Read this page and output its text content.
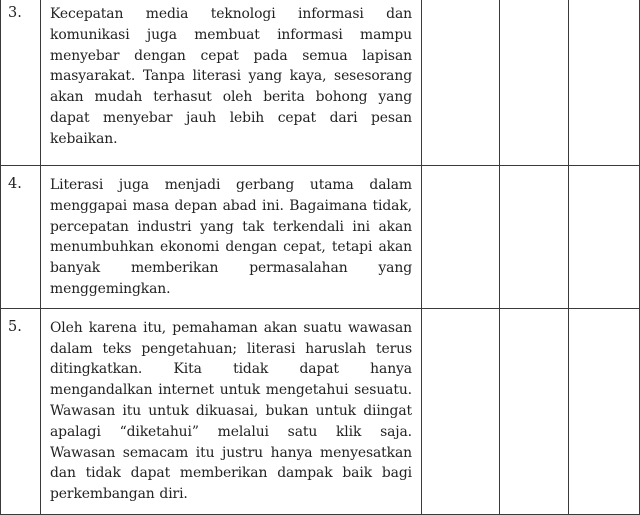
3.	Kecepatan media teknologi informasi dan komunikasi juga membuat informasi mampu menyebar dengan cepat pada semua lapisan masyarakat. Tanpa literasi yang kaya, sesesorang akan mudah terhasut oleh berita bohong yang dapat menyebar jauh lebih cepat dari pesan kebaikan.			

4.	Literasi juga menjadi gerbang utama dalam menggapai masa depan abad ini. Bagaimana tidak, percepatan industri yang tak terkendali ini akan menumbuhkan ekonomi dengan cepat, tetapi akan banyak memberikan permasalahan yang menggemingkan.			

5.	Oleh karena itu, pemahaman akan suatu wawasan dalam teks pengetahuan; literasi haruslah terus ditingkatkan. Kita tidak dapat hanya mengandalkan internet untuk mengetahui sesuatu. Wawasan itu untuk dikuasai, bukan untuk diingat apalagi “diketahui” melalui satu klik saja. Wawasan semacam itu justru hanya menyesatkan dan tidak dapat memberikan dampak baik bagi perkembangan diri.			
